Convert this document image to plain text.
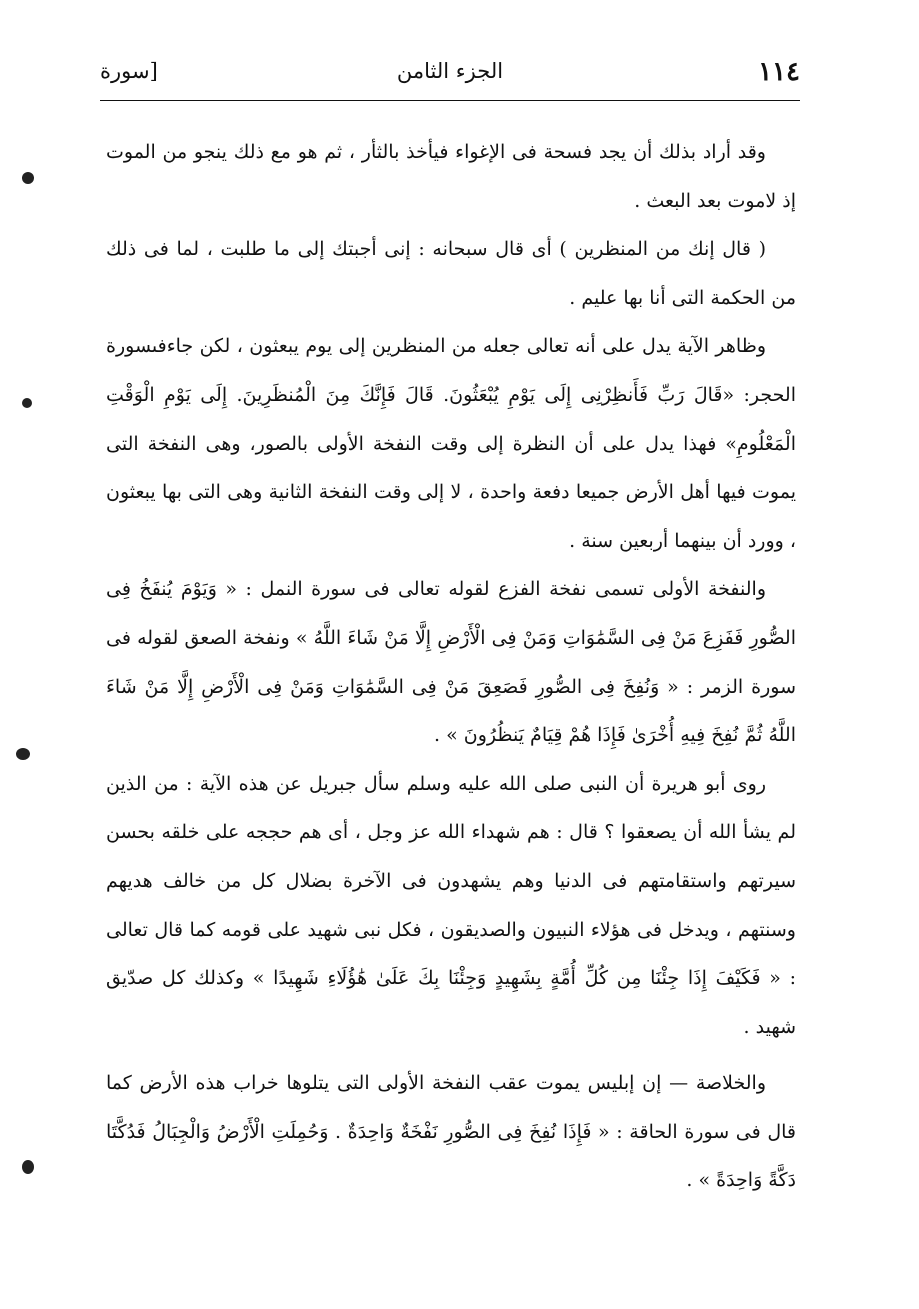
١١٤
الجزء الثامن
[سورة

وقد أراد بذلك أن يجد فسحة فى الإغواء فيأخذ بالثأر ، ثم هو مع ذلك ينجو من الموت إذ لاموت بعد البعث .

( قال إنك من المنظرين ) أى قال سبحانه : إنى أجبتك إلى ما طلبت ، لما فى ذلك من الحكمة التى أنا بها عليم .

وظاهر الآية يدل على أنه تعالى جعله من المنظرين إلى يوم يبعثون ، لكن جاءفىسورة الحجر: «قَالَ رَبِّ فَأَنظِرْنِى إِلَى يَوْمِ يُبْعَثُونَ. قَالَ فَإِنَّكَ مِنَ الْمُنظَرِينَ. إِلَى يَوْمِ الْوَقْتِ الْمَعْلُومِ» فهذا يدل على أن النظرة إلى وقت النفخة الأولى بالصور، وهى النفخة التى يموت فيها أهل الأرض جميعا دفعة واحدة ، لا إلى وقت النفخة الثانية وهى التى بها يبعثون ، وورد أن بينهما أربعين سنة .

والنفخة الأولى تسمى نفخة الفزع لقوله تعالى فى سورة النمل : « وَيَوْمَ يُنفَخُ فِى الصُّورِ فَفَزِعَ مَنْ فِى السَّمَٰوَاتِ وَمَنْ فِى الْأَرْضِ إِلَّا مَنْ شَاءَ اللَّهُ » ونفخة الصعق لقوله فى سورة الزمر : « وَنُفِخَ فِى الصُّورِ فَصَعِقَ مَنْ فِى السَّمَٰوَاتِ وَمَنْ فِى الْأَرْضِ إِلَّا مَنْ شَاءَ اللَّهُ ثُمَّ نُفِخَ فِيهِ أُخْرَىٰ فَإِذَا هُمْ قِيَامٌ يَنظُرُونَ » .

روى أبو هريرة أن النبى صلى الله عليه وسلم سأل جبريل عن هذه الآية : من الذين لم يشأ الله أن يصعقوا ؟ قال : هم شهداء الله عز وجل ، أى هم حججه على خلقه بحسن سيرتهم واستقامتهم فى الدنيا وهم يشهدون فى الآخرة بضلال كل من خالف هديهم وسنتهم ، ويدخل فى هؤلاء النبيون والصديقون ، فكل نبى شهيد على قومه كما قال تعالى : « فَكَيْفَ إِذَا جِئْنَا مِن كُلِّ أُمَّةٍ بِشَهِيدٍ وَجِئْنَا بِكَ عَلَىٰ هَٰؤُلَاءِ شَهِيدًا » وكذلك كل صدّيق شهيد .

والخلاصة — إن إبليس يموت عقب النفخة الأولى التى يتلوها خراب هذه الأرض كما قال فى سورة الحاقة : « فَإِذَا نُفِخَ فِى الصُّورِ نَفْخَةٌ وَاحِدَةٌ . وَحُمِلَتِ الْأَرْضُ وَالْجِبَالُ فَدُكَّتَا دَكَّةً وَاحِدَةً » .
